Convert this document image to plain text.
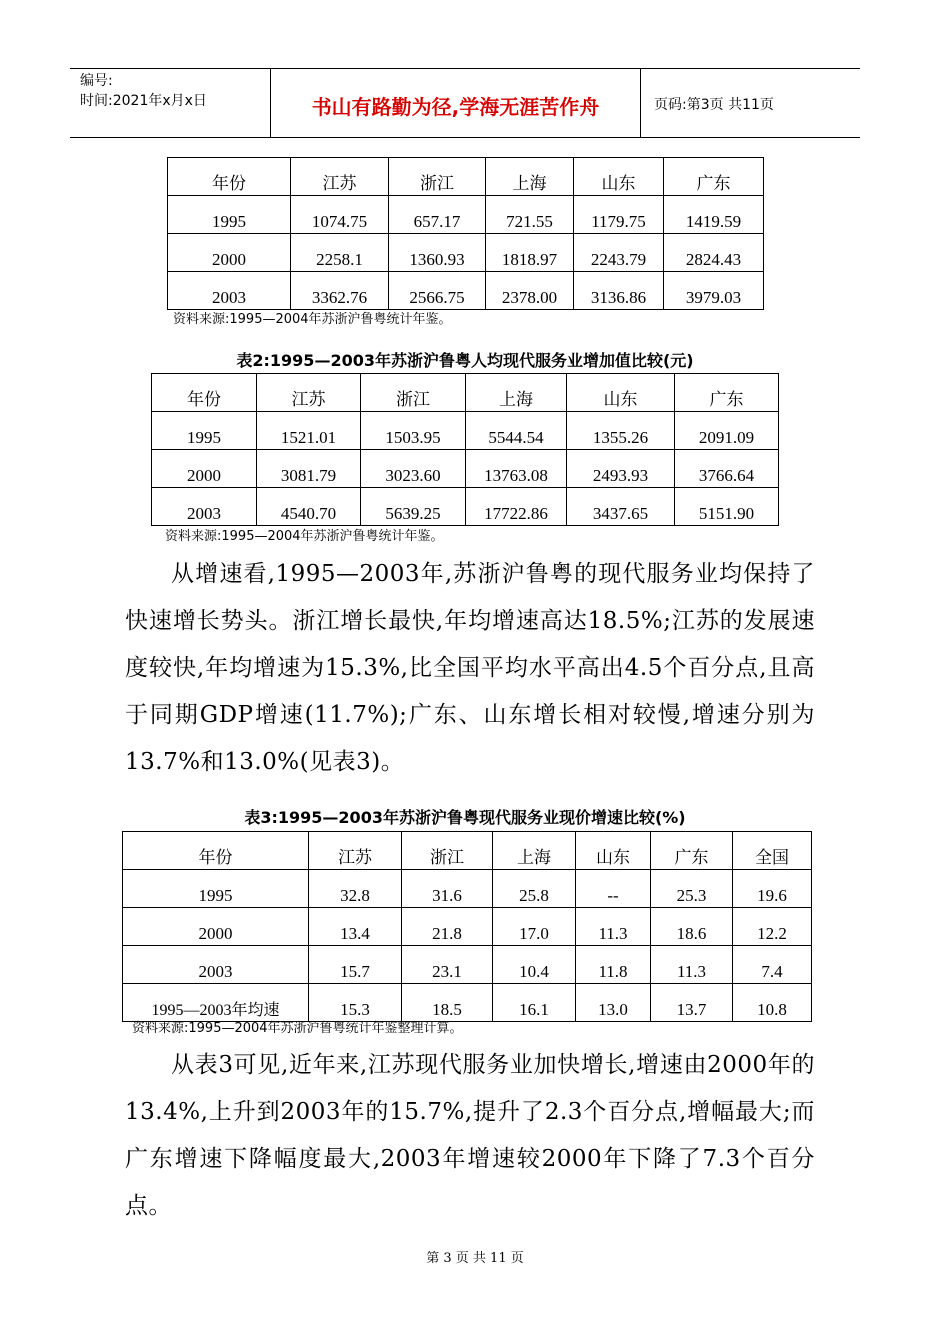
编号:
时间:2021年x月x日	书山有路勤为径,学海无涯苦作舟	页码:第3页 共11页
年份	江苏	浙江	上海	山东	广东
1995	1074.75	657.17	721.55	1179.75	1419.59
2000	2258.1	1360.93	1818.97	2243.79	2824.43
2003	3362.76	2566.75	2378.00	3136.86	3979.03
资料来源:1995—2004年苏浙沪鲁粤统计年鉴。
表2:1995—2003年苏浙沪鲁粤人均现代服务业增加值比较(元)
年份	江苏	浙江	上海	山东	广东
1995	1521.01	1503.95	5544.54	1355.26	2091.09
2000	3081.79	3023.60	13763.08	2493.93	3766.64
2003	4540.70	5639.25	17722.86	3437.65	5151.90
资料来源:1995—2004年苏浙沪鲁粤统计年鉴。

从增速看,1995—2003年,苏浙沪鲁粤的现代服务业均保持了快速增长势头。浙江增长最快,年均增速高达18.5%;江苏的发展速度较快,年均增速为15.3%,比全国平均水平高出4.5个百分点,且高于同期GDP增速(11.7%);广东、山东增长相对较慢,增速分别为13.7%和13.0%(见表3)。

表3:1995—2003年苏浙沪鲁粤现代服务业现价增速比较(%)
年份	江苏	浙江	上海	山东	广东	全国
1995	32.8	31.6	25.8	--	25.3	19.6
2000	13.4	21.8	17.0	11.3	18.6	12.2
2003	15.7	23.1	10.4	11.8	11.3	7.4
1995—2003年均速	15.3	18.5	16.1	13.0	13.7	10.8
资料来源:1995—2004年苏浙沪鲁粤统计年鉴整理计算。

从表3可见,近年来,江苏现代服务业加快增长,增速由2000年的13.4%,上升到2003年的15.7%,提升了2.3个百分点,增幅最大;而广东增速下降幅度最大,2003年增速较2000年下降了7.3个百分点。

第 3 页 共 11 页
